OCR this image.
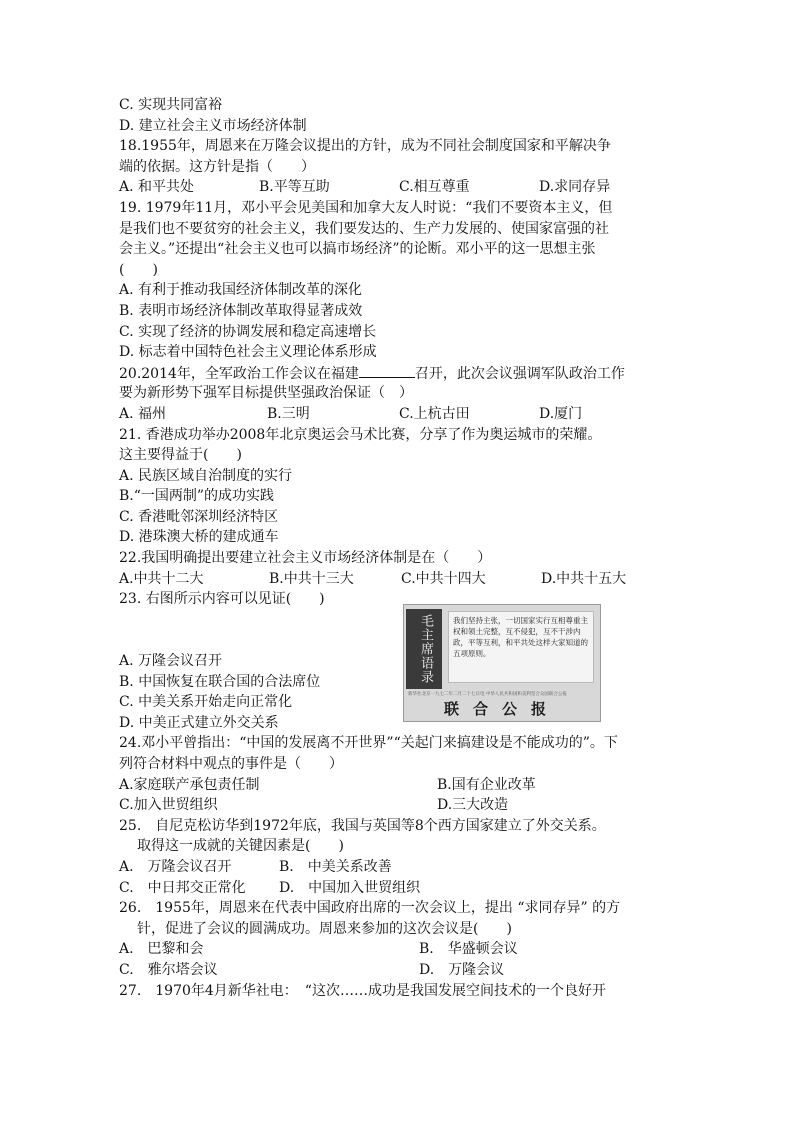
C. 实现共同富裕
D. 建立社会主义市场经济体制
18.1955年，周恩来在万隆会议提出的方针，成为不同社会制度国家和平解决争
端的依据。这方针是指（　　）
A. 和平共处	B.平等互助	C.相互尊重	D.求同存异
19. 1979年11月，邓小平会见美国和加拿大友人时说：“我们不要资本主义，但
是我们也不要贫穷的社会主义，我们要发达的、生产力发展的、使国家富强的社
会主义。”还提出“社会主义也可以搞市场经济”的论断。邓小平的这一思想主张
(　　)
A. 有利于推动我国经济体制改革的深化
B. 表明市场经济体制改革取得显著成效
C. 实现了经济的协调发展和稳定高速增长
D. 标志着中国特色社会主义理论体系形成
20.2014年，全军政治工作会议在福建	召开，此次会议强调军队政治工作
要为新形势下强军目标提供坚强政治保证（　）
A. 福州	B.三明	C.上杭古田	D.厦门
21. 香港成功举办2008年北京奥运会马术比赛，分享了作为奥运城市的荣耀。
这主要得益于(　　)
A. 民族区域自治制度的实行
B.“一国两制”的成功实践
C. 香港毗邻深圳经济特区
D. 港珠澳大桥的建成通车
22.我国明确提出要建立社会主义市场经济体制是在（　　）
A.中共十二大	B.中共十三大	C.中共十四大	D.中共十五大
23. 右图所示内容可以见证(　　)
A. 万隆会议召开
B. 中国恢复在联合国的合法席位
C. 中美关系开始走向正常化
D. 中美正式建立外交关系
24.邓小平曾指出：“中国的发展离不开世界”“关起门来搞建设是不能成功的”。下
列符合材料中观点的事件是（　　）
A.家庭联产承包责任制	B.国有企业改革
C.加入世贸组织	D.三大改造
25.　自尼克松访华到1972年底，我国与英国等8个西方国家建立了外交关系。
取得这一成就的关键因素是(　　)
A.　万隆会议召开	B.　中美关系改善
C.　中日邦交正常化	D.　中国加入世贸组织
26.　1955年，周恩来在代表中国政府出席的一次会议上，提出 “求同存异” 的方
针，促进了会议的圆满成功。周恩来参加的这次会议是(　　)
A.　巴黎和会	B.　华盛顿会议
C.　雅尔塔会议	D.　万隆会议
27.　1970年4月新华社电：　“这次……成功是我国发展空间技术的一个良好开
毛主席语录	我们坚持主张，一切国家实行互相尊重主权和领土完整，互不侵犯，互不干涉内政，平等互利，和平共处这样大家知道的五项原则。
新华社北京一九七二年二月二十七日电 中华人民共和国和美利坚合众国联合公报
联合公报
